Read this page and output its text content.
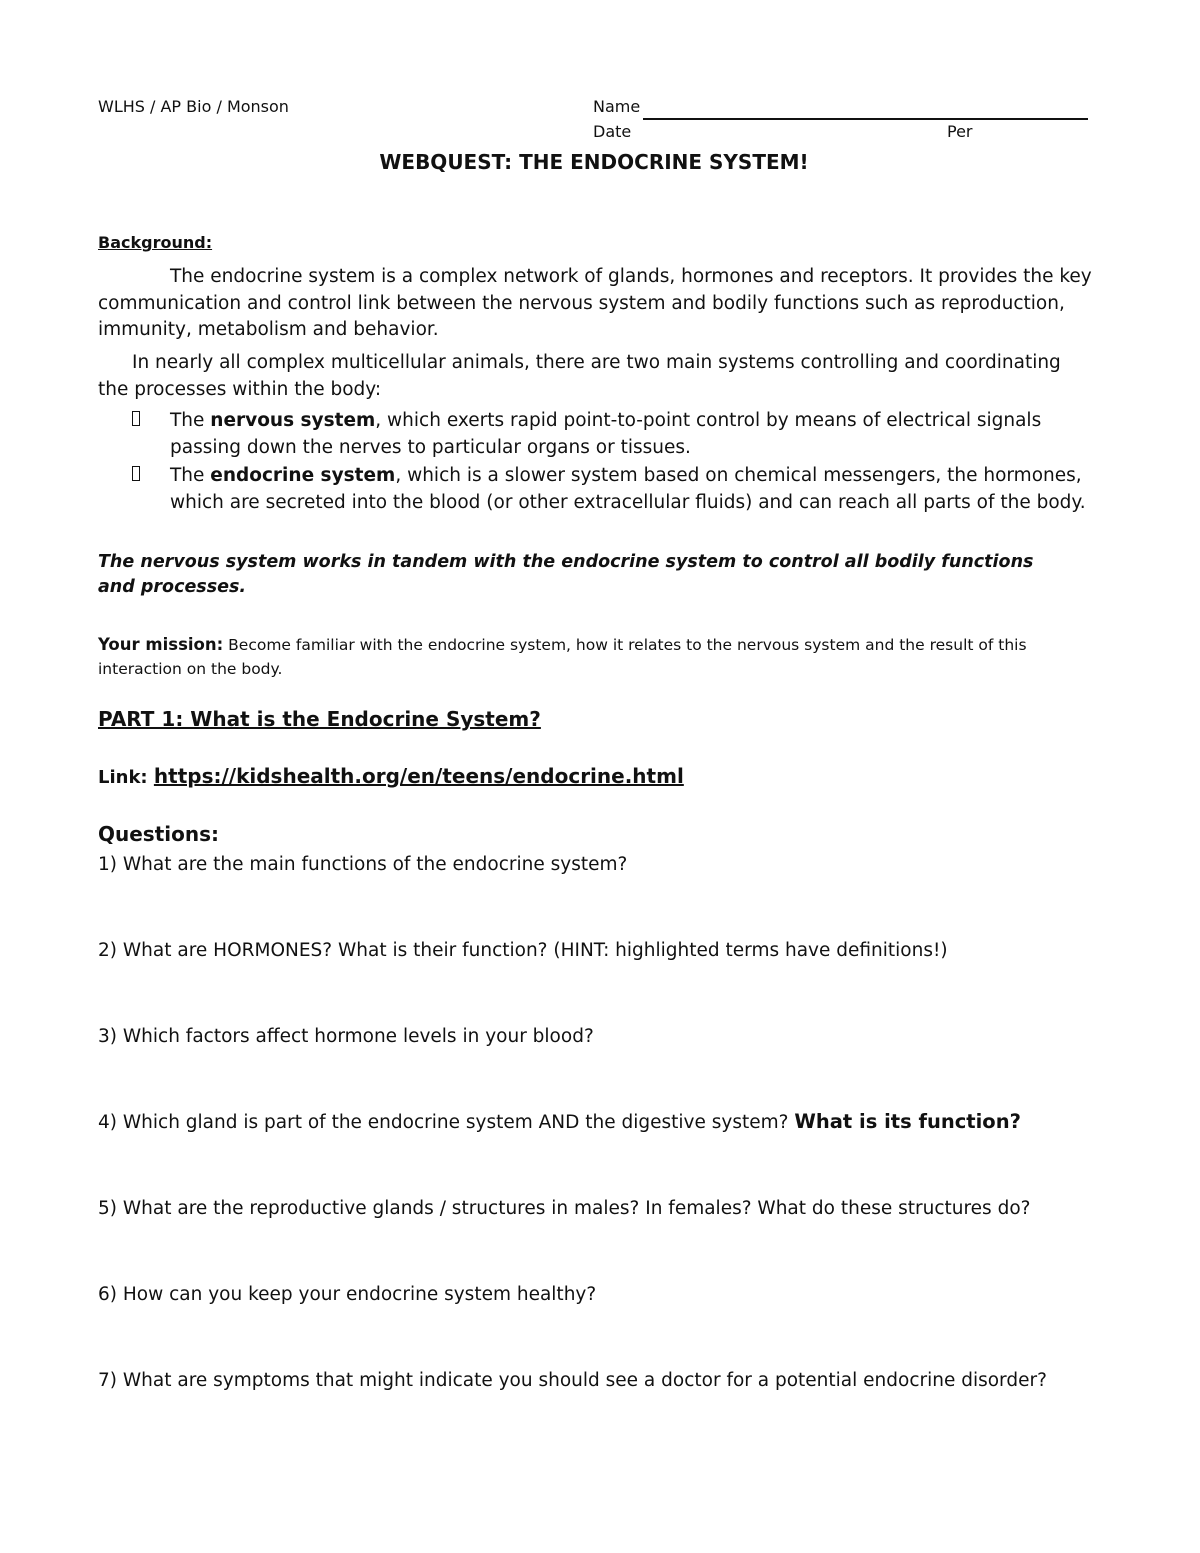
WLHS / AP Bio / Monson	Name
Date	Per
WEBQUEST: THE ENDOCRINE SYSTEM!
Background:
The endocrine system is a complex network of glands, hormones and receptors. It provides the key communication and control link between the nervous system and bodily functions such as reproduction, immunity, metabolism and behavior.
In nearly all complex multicellular animals, there are two main systems controlling and coordinating the processes within the body:
The nervous system, which exerts rapid point-to-point control by means of electrical signals passing down the nerves to particular organs or tissues.
The endocrine system, which is a slower system based on chemical messengers, the hormones, which are secreted into the blood (or other extracellular fluids) and can reach all parts of the body.
The nervous system works in tandem with the endocrine system to control all bodily functions and processes.
Your mission: Become familiar with the endocrine system, how it relates to the nervous system and the result of this interaction on the body.
PART 1: What is the Endocrine System?
Link: https://kidshealth.org/en/teens/endocrine.html
Questions:
1) What are the main functions of the endocrine system?
2) What are HORMONES? What is their function? (HINT: highlighted terms have definitions!)
3) Which factors affect hormone levels in your blood?
4) Which gland is part of the endocrine system AND the digestive system? What is its function?
5) What are the reproductive glands / structures in males? In females? What do these structures do?
6) How can you keep your endocrine system healthy?
7) What are symptoms that might indicate you should see a doctor for a potential endocrine disorder?
